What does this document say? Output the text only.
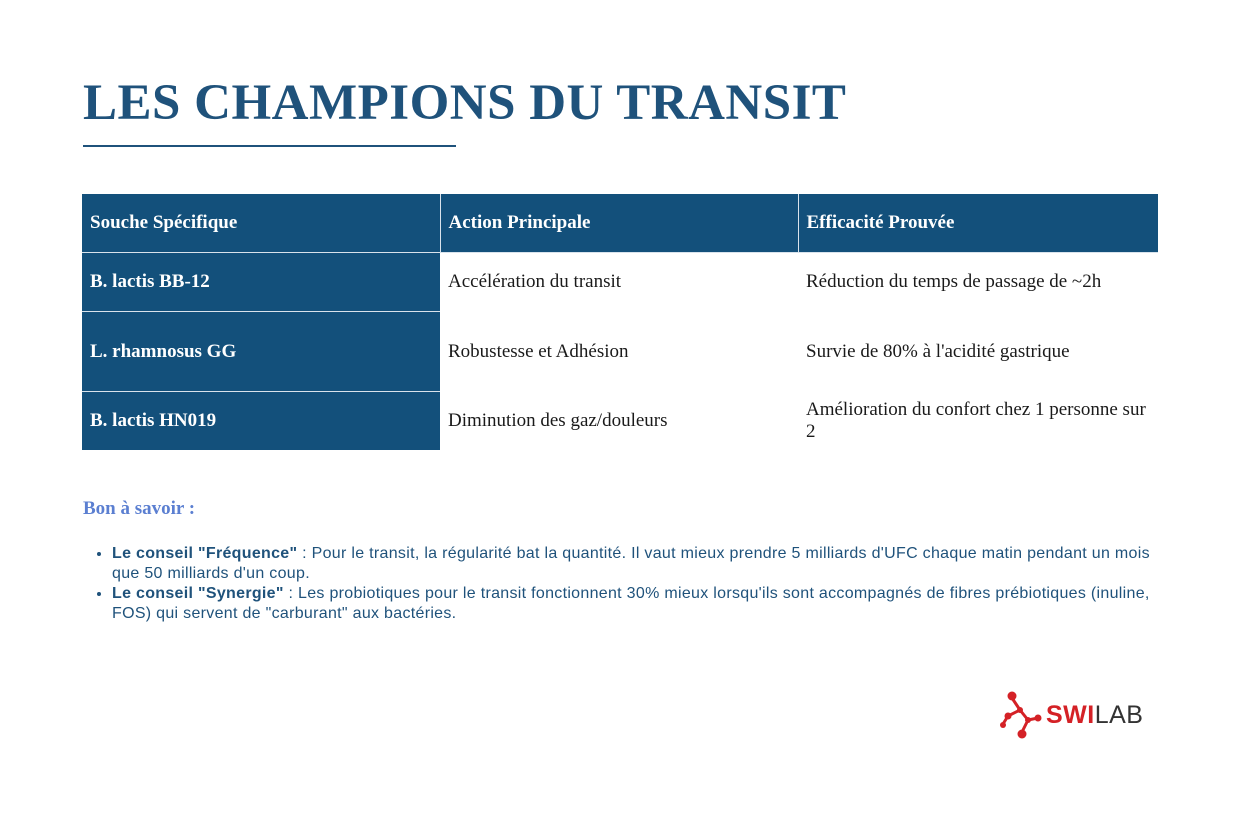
LES CHAMPIONS DU TRANSIT
Souche Spécifique	Action Principale	Efficacité Prouvée
B. lactis BB-12	Accélération du transit	Réduction du temps de passage de ~2h
L. rhamnosus GG	Robustesse et Adhésion	Survie de 80% à l'acidité gastrique
B. lactis HN019	Diminution des gaz/douleurs	Amélioration du confort chez 1 personne sur 2
Bon à savoir :
• Le conseil "Fréquence" : Pour le transit, la régularité bat la quantité. Il vaut mieux prendre 5 milliards d'UFC chaque matin pendant un mois que 50 milliards d'un coup.
• Le conseil "Synergie" : Les probiotiques pour le transit fonctionnent 30% mieux lorsqu'ils sont accompagnés de fibres prébiotiques (inuline, FOS) qui servent de "carburant" aux bactéries.
SWILAB
